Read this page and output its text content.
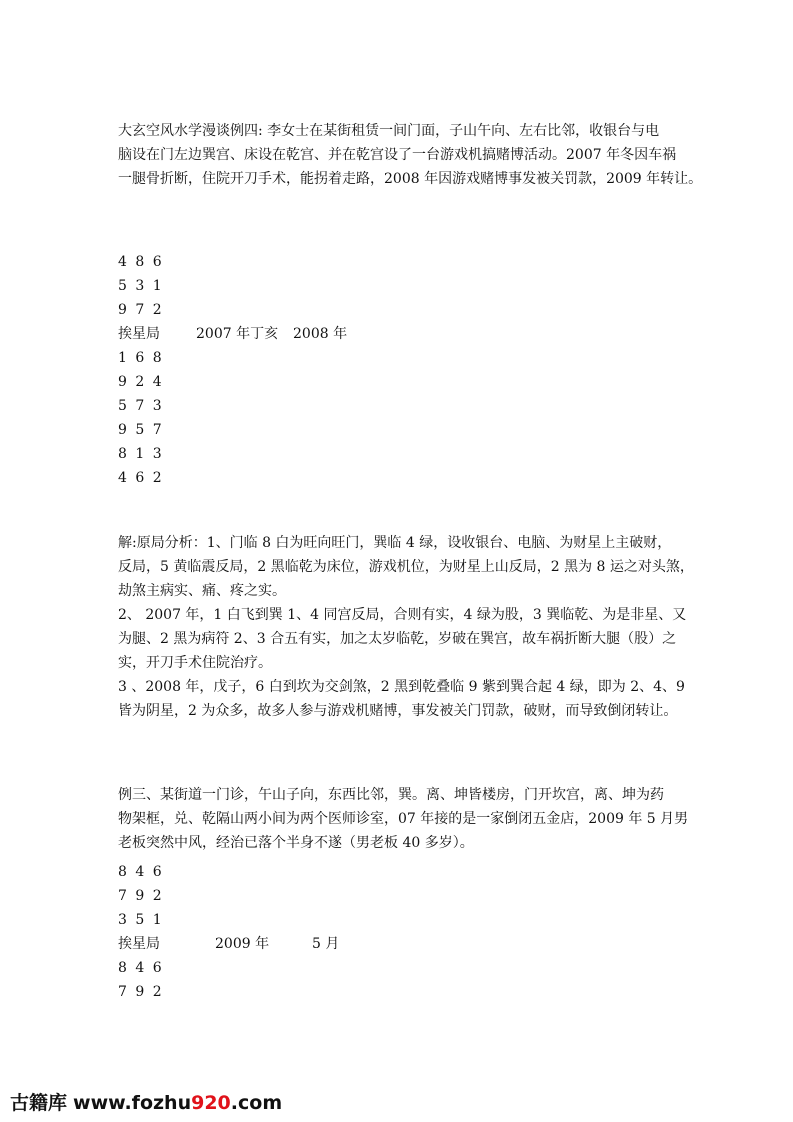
大玄空风水学漫谈例四: 李女士在某街租赁一间门面，子山午向、左右比邻，收银台与电
脑设在门左边巽宫、床设在乾宫、并在乾宫设了一台游戏机搞赌博活动。2007 年冬因车祸
一腿骨折断，住院开刀手术，能拐着走路，2008 年因游戏赌博事发被关罚款，2009 年转让。
4 8 6
5 3 1
9 7 2
挨星局	2007 年丁亥 2008 年
1 6 8
9 2 4
5 7 3
9 5 7
8 1 3
4 6 2
解:原局分析：1、门临 8 白为旺向旺门，巽临 4 绿，设收银台、电脑、为财星上主破财，
反局，5 黄临震反局，2 黑临乾为床位，游戏机位，为财星上山反局，2 黑为 8 运之对头煞，
劫煞主病实、痛、疼之实。
2、 2007 年，1 白飞到巽 1、4 同宫反局，合则有实，4 绿为股，3 巽临乾、为是非星、又
为腿、2 黑为病符 2、3 合五有实，加之太岁临乾，岁破在巽宫，故车祸折断大腿（股）之
实，开刀手术住院治疗。
3 、2008 年，戊子，6 白到坎为交剑煞，2 黑到乾叠临 9 紫到巽合起 4 绿，即为 2、4、9
皆为阴星，2 为众多，故多人参与游戏机赌博，事发被关门罚款，破财，而导致倒闭转让。
例三、某街道一门诊，午山子向，东西比邻，巽。离、坤皆楼房，门开坎宫，离、坤为药
物架框，兑、乾隔山两小间为两个医师诊室，07 年接的是一家倒闭五金店，2009 年 5 月男
老板突然中风，经治已落个半身不遂（男老板 40 多岁）。
8 4 6
7 9 2
3 5 1
挨星局	2009 年	5 月
8 4 6
7 9 2
古籍库 www.fozhu920.com
